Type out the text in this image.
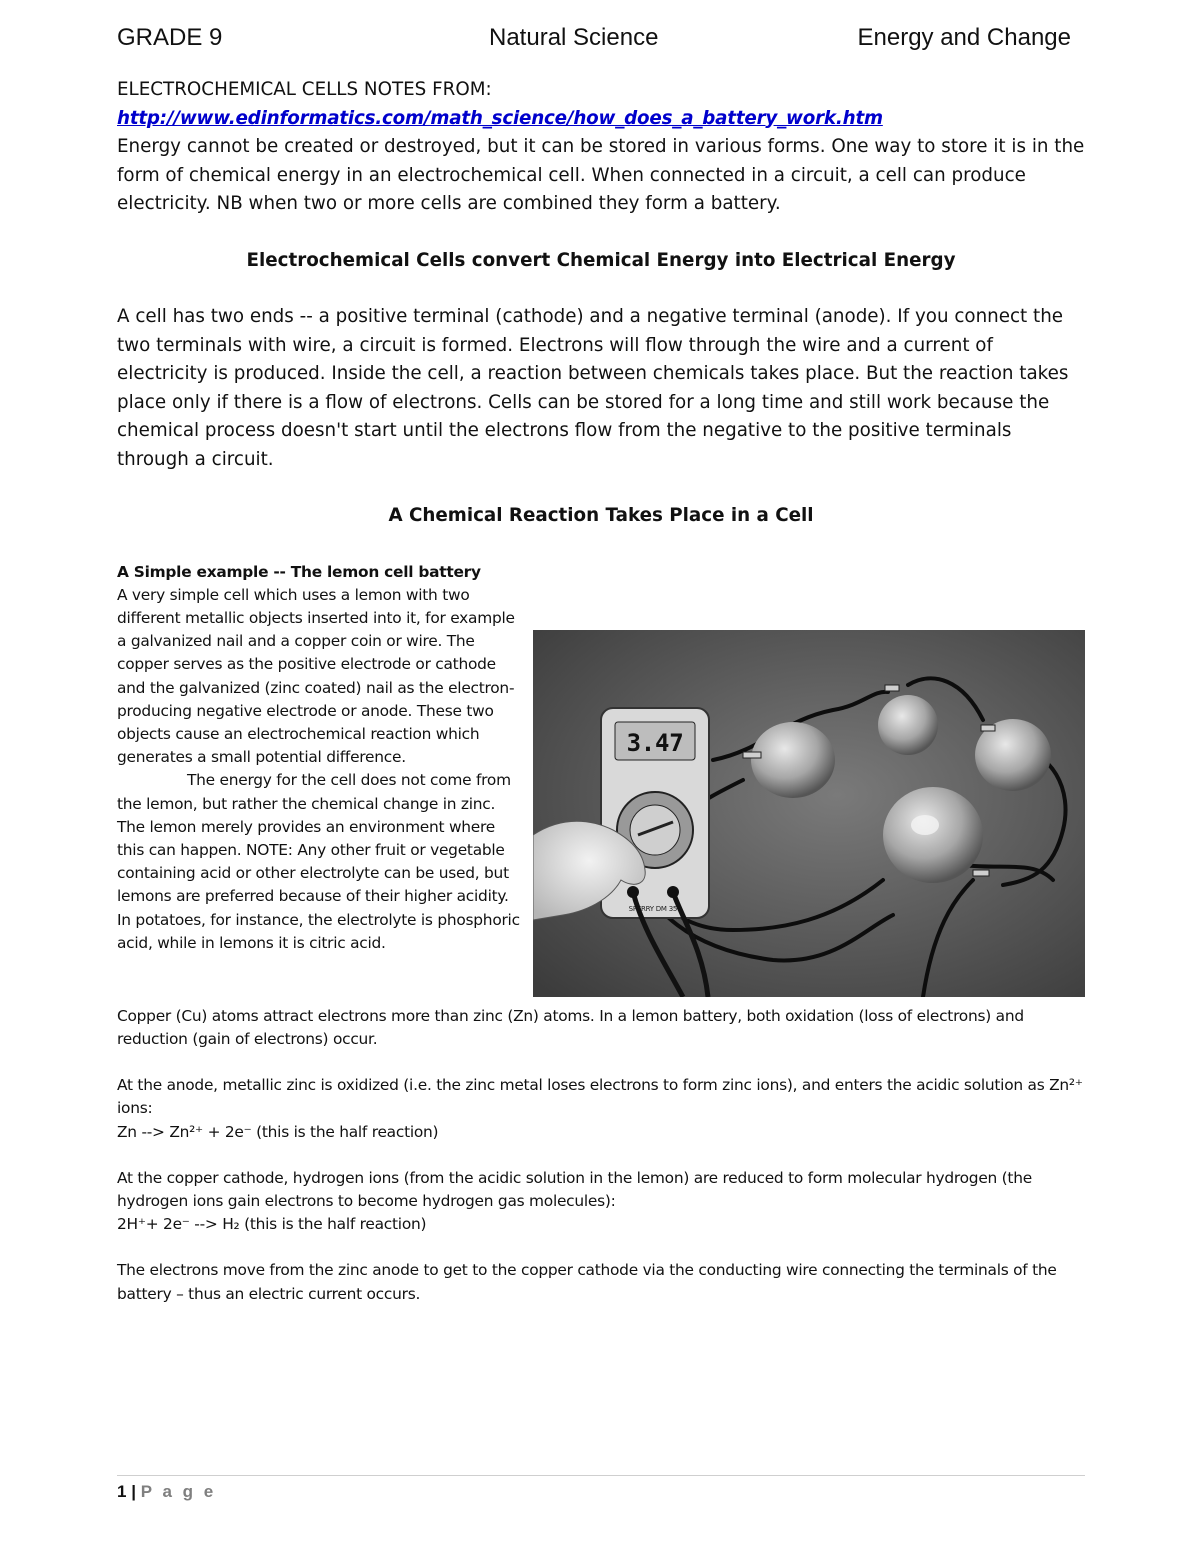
GRADE 9	Natural Science	Energy and Change

ELECTROCHEMICAL CELLS NOTES FROM:

http://www.edinformatics.com/math_science/how_does_a_battery_work.htm

Energy cannot be created or destroyed, but it can be stored in various forms. One way to store it is in the form of chemical energy in an electrochemical cell. When connected in a circuit, a cell can produce electricity. NB when two or more cells are combined they form a battery.

Electrochemical Cells convert Chemical Energy into Electrical Energy

A cell has two ends -- a positive terminal (cathode) and a negative terminal (anode). If you connect the two terminals with wire, a circuit is formed. Electrons will flow through the wire and a current of electricity is produced. Inside the cell, a reaction between chemicals takes place. But the reaction takes place only if there is a flow of electrons. Cells can be stored for a long time and still work because the chemical process doesn't start until the electrons flow from the negative to the positive terminals through a circuit.

A Chemical Reaction Takes Place in a Cell

A Simple example -- The lemon cell battery

3.47
SPERRY DM 350

A very simple cell which uses a lemon with two different metallic objects inserted into it, for example a galvanized nail and a copper coin or wire. The copper serves as the positive electrode or cathode and the galvanized (zinc coated) nail as the electron-producing negative electrode or anode. These two objects cause an electrochemical reaction which generates a small potential difference.

The energy for the cell does not come from the lemon, but rather the chemical change in zinc. The lemon merely provides an environment where this can happen. NOTE: Any other fruit or vegetable containing acid or other electrolyte can be used, but lemons are preferred because of their higher acidity. In potatoes, for instance, the electrolyte is phosphoric acid, while in lemons it is citric acid.

Copper (Cu) atoms attract electrons more than zinc (Zn) atoms. In a lemon battery, both oxidation (loss of electrons) and reduction (gain of electrons) occur.

At the anode, metallic zinc is oxidized (i.e. the zinc metal loses electrons to form zinc ions), and enters the acidic solution as Zn²⁺ ions:

Zn --> Zn²⁺ + 2e⁻ (this is the half reaction)

At the copper cathode, hydrogen ions (from the acidic solution in the lemon) are reduced to form molecular hydrogen (the hydrogen ions gain electrons to become hydrogen gas molecules):

2H⁺+ 2e⁻ --> H₂ (this is the half reaction)

The electrons move from the zinc anode to get to the copper cathode via the conducting wire connecting the terminals of the battery – thus an electric current occurs.

1 | P a g e
